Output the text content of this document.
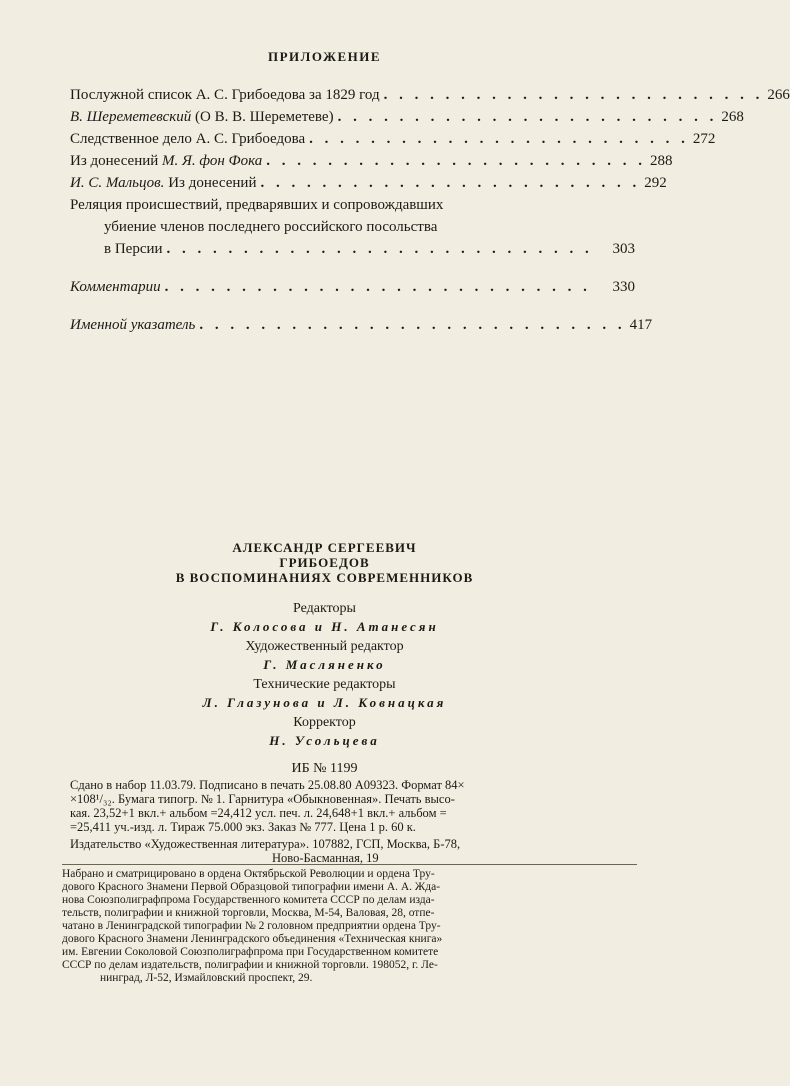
ПРИЛОЖЕНИЕ
Послужной список А. С. Грибоедова за 1829 год . . . . . . . . . . . . . . . . . . . . . . . . . 266
В. Шереметевский (О В. В. Шереметеве) . . . . . . . . . . . . . . . . . . . . . . . . . 268
Следственное дело А. С. Грибоедова . . . . . . . . . . . . . . . . . . . . . . . . . 272
Из донесений М. Я. фон Фока . . . . . . . . . . . . . . . . . . . . . . . . . 288
И. С. Мальцов. Из донесений . . . . . . . . . . . . . . . . . . . . . . . . . 292
Реляция происшествий, предварявших и сопровождавших
убиение членов последнего российского посольства
в Персии . . . . . . . . . . . . . . . . . . . . . . . . . . . .	303
Комментарии . . . . . . . . . . . . . . . . . . . . . . . . . . . .	330
Именной указатель . . . . . . . . . . . . . . . . . . . . . . . . . . . . 417
АЛЕКСАНДР СЕРГЕЕВИЧ
ГРИБОЕДОВ
В ВОСПОМИНАНИЯХ СОВРЕМЕННИКОВ
Редакторы
Г. Колосова и Н. Атанесян
Художественный редактор
Г. Масляненко
Технические редакторы
Л. Глазунова и Л. Ковнацкая
Корректор
Н. Усольцева
ИБ № 1199
Сдано в набор 11.03.79. Подписано в печать 25.08.80 А09323. Формат 84×
×108¹/₃₂. Бумага типогр. № 1. Гарнитура «Обыкновенная». Печать высо-
кая. 23,52+1 вкл.+ альбом =24,412 усл. печ. л. 24,648+1 вкл.+ альбом =
=25,411 уч.-изд. л. Тираж 75.000 экз. Заказ № 777. Цена 1 р. 60 к.
Издательство «Художественная литература». 107882, ГСП, Москва, Б-78,
Ново-Басманная, 19
Набрано и сматрицировано в ордена Октябрьской Революции и ордена Тру-
дового Красного Знамени Первой Образцовой типографии имени А. А. Жда-
нова Союзполиграфпрома Государственного комитета СССР по делам изда-
тельств, полиграфии и книжной торговли, Москва, М-54, Валовая, 28, отпе-
чатано в Ленинградской типографии № 2 головном предприятии ордена Тру-
дового Красного Знамени Ленинградского объединения «Техническая книга»
им. Евгении Соколовой Союзполиграфпрома при Государственном комитете
СССР по делам издательств, полиграфии и книжной торговли. 198052, г. Ле-
нинград, Л-52, Измайловский проспект, 29.
